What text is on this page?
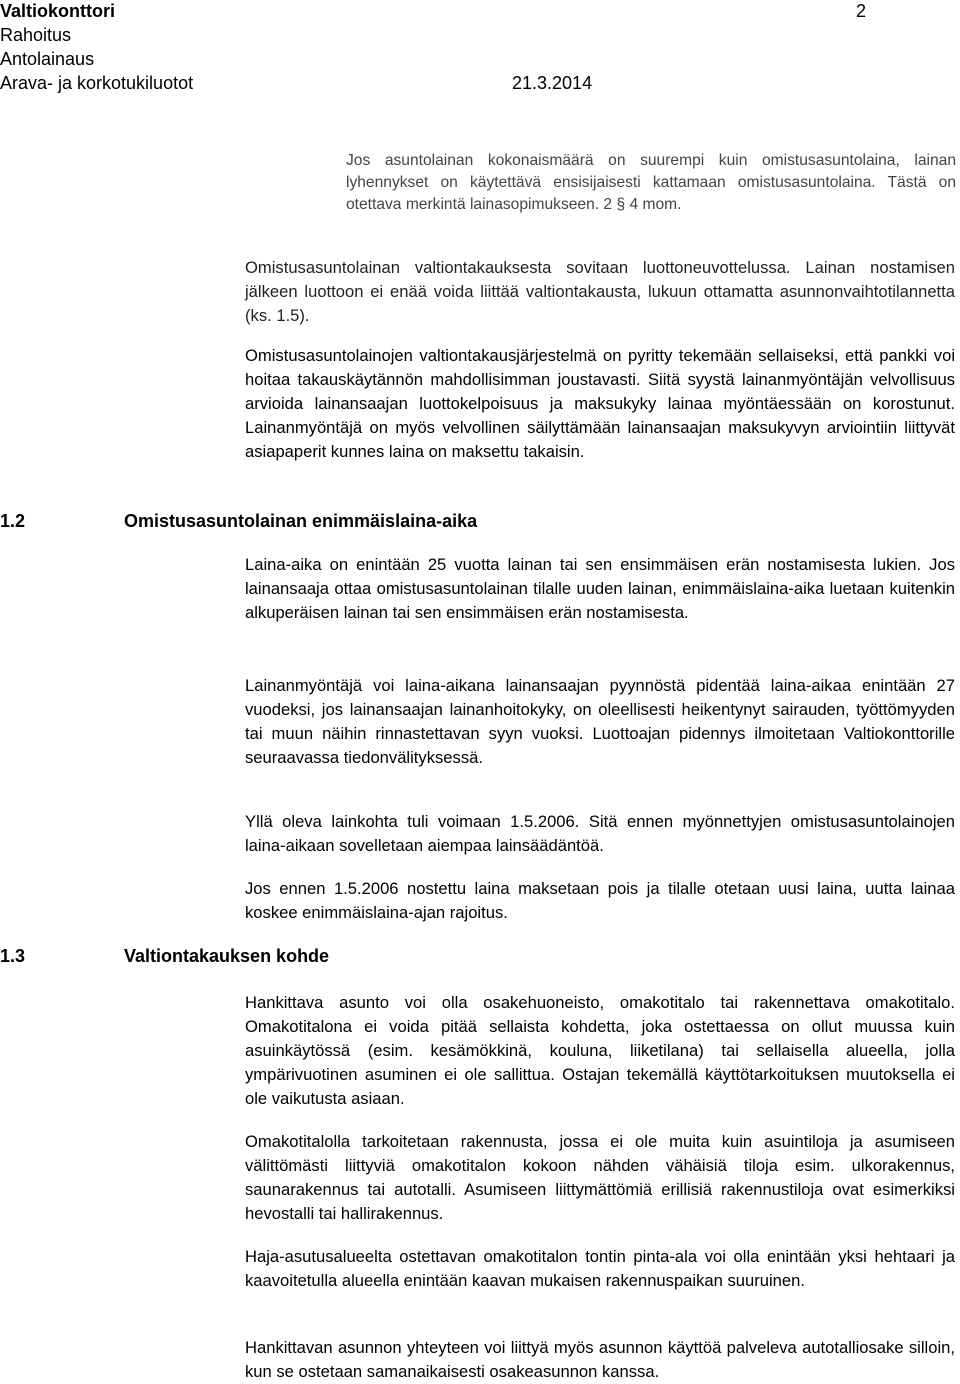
Valtiokonttori	2
Rahoitus
Antolainaus
Arava- ja korkotukiluotot	21.3.2014
Jos asuntolainan kokonaismäärä on suurempi kuin omistusasuntolaina, lainan lyhennykset on käytettävä ensisijaisesti kattamaan omistusasuntolaina. Tästä on otettava merkintä lainasopimukseen. 2 § 4 mom.
Omistusasuntolainan valtiontakauksesta sovitaan luottoneuvottelussa. Lainan nostamisen jälkeen luottoon ei enää voida liittää valtiontakausta, lukuun ottamatta asunnonvaihtotilannetta (ks. 1.5).
Omistusasuntolainojen valtiontakausjärjestelmä on pyritty tekemään sellaiseksi, että pankki voi hoitaa takauskäytännön mahdollisimman joustavasti. Siitä syystä lainanmyöntäjän velvollisuus arvioida lainansaajan luottokelpoisuus ja maksukyky lainaa myöntäessään on korostunut. Lainanmyöntäjä on myös velvollinen säilyttämään lainansaajan maksukyvyn arviointiin liittyvät asiapaperit kunnes laina on maksettu takaisin.
1.2	Omistusasuntolainan enimmäislaina-aika
Laina-aika on enintään 25 vuotta lainan tai sen ensimmäisen erän nostamisesta lukien. Jos lainansaaja ottaa omistusasuntolainan tilalle uuden lainan, enimmäislaina-aika luetaan kuitenkin alkuperäisen lainan tai sen ensimmäisen erän nostamisesta.
Lainanmyöntäjä voi laina-aikana lainansaajan pyynnöstä pidentää laina-aikaa enintään 27 vuodeksi, jos lainansaajan lainanhoitokyky, on oleellisesti heikentynyt sairauden, työttömyyden tai muun näihin rinnastettavan syyn vuoksi. Luottoajan pidennys ilmoitetaan Valtiokonttorille seuraavassa tiedonvälityksessä.
Yllä oleva lainkohta tuli voimaan 1.5.2006. Sitä ennen myönnettyjen omistusasuntolainojen laina-aikaan sovelletaan aiempaa lainsäädäntöä.
Jos ennen 1.5.2006 nostettu laina maksetaan pois ja tilalle otetaan uusi laina, uutta lainaa koskee enimmäislaina-ajan rajoitus.
1.3	Valtiontakauksen kohde
Hankittava asunto voi olla osakehuoneisto, omakotitalo tai rakennettava omakotitalo. Omakotitalona ei voida pitää sellaista kohdetta, joka ostettaessa on ollut muussa kuin asuinkäytössä (esim. kesämökkinä, kouluna, liiketilana) tai sellaisella alueella, jolla ympärivuotinen asuminen ei ole sallittua. Ostajan tekemällä käyttötarkoituksen muutoksella ei ole vaikutusta asiaan.
Omakotitalolla tarkoitetaan rakennusta, jossa ei ole muita kuin asuintiloja ja asumiseen välittömästi liittyviä omakotitalon kokoon nähden vähäisiä tiloja esim. ulkorakennus, saunarakennus tai autotalli. Asumiseen liittymättömiä erillisiä rakennustiloja ovat esimerkiksi hevostalli tai hallirakennus.
Haja-asutusalueelta ostettavan omakotitalon tontin pinta-ala voi olla enintään yksi hehtaari ja kaavoitetulla alueella enintään kaavan mukaisen rakennuspaikan suuruinen.
Hankittavan asunnon yhteyteen voi liittyä myös asunnon käyttöä palveleva autotalliosake silloin, kun se ostetaan samanaikaisesti osakeasunnon kanssa.
